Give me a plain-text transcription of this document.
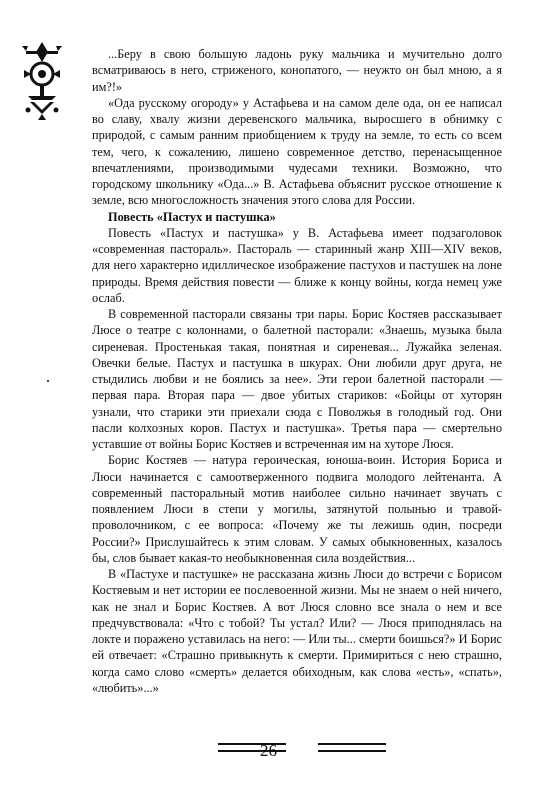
...Беру в свою большую ладонь руку мальчика и мучительно долго всматриваюсь в него, стриженого, конопатого, — неужто он был мною, а я им?!»

«Ода русскому огороду» у Астафьева и на самом деле ода, он ее написал во славу, хвалу жизни деревенского мальчика, выросшего в обнимку с природой, с самым ранним приобщением к труду на земле, то есть со всем тем, чего, к сожалению, лишено современное детство, перенасыщенное впечатлениями, производимыми чудесами техники. Возможно, что городскому школьнику «Ода...» В. Астафьева объяснит русское отношение к земле, всю многосложность значения этого слова для России.

Повесть «Пастух и пастушка»

Повесть «Пастух и пастушка» у В. Астафьева имеет подзаголовок «современная пастораль». Пастораль — старинный жанр XIII—XIV веков, для него характерно идиллическое изображение пастухов и пастушек на лоне природы. Время действия повести — ближе к концу войны, когда немец уже ослаб.

В современной пасторали связаны три пары. Борис Костяев рассказывает Люсе о театре с колоннами, о балетной пасторали: «Знаешь, музыка была сиреневая. Простенькая такая, понятная и сиреневая... Лужайка зеленая. Овечки белые. Пастух и пастушка в шкурах. Они любили друг друга, не стыдились любви и не боялись за нее». Эти герои балетной пасторали — первая пара. Вторая пара — двое убитых стариков: «Бойцы от хуторян узнали, что старики эти приехали сюда с Поволжья в голодный год. Они пасли колхозных коров. Пастух и пастушка». Третья пара — смертельно уставшие от войны Борис Костяев и встреченная им на хуторе Люся.

Борис Костяев — натура героическая, юноша-воин. История Бориса и Люси начинается с самоотверженного подвига молодого лейтенанта. А современный пасторальный мотив наиболее сильно начинает звучать с появлением Люси в степи у могилы, затянутой полынью и травой-проволочником, с ее вопроса: «Почему же ты лежишь один, посреди России?» Прислушайтесь к этим словам. У самых обыкновенных, казалось бы, слов бывает какая-то необыкновенная сила воздействия...

В «Пастухе и пастушке» не рассказана жизнь Люси до встречи с Борисом Костяевым и нет истории ее послевоенной жизни. Мы не знаем о ней ничего, как не знал и Борис Костяев. А вот Люся словно все знала о нем и все предчувствовала: «Что с тобой? Ты устал? Или? — Люся приподнялась на локте и поражено уставилась на него: — Или ты... смерти боишься?» И Борис ей отвечает: «Страшно привыкнуть к смерти. Примириться с нею страшно, когда само слово «смерть» делается обиходным, как слова «есть», «спать», «любить»...»

26
